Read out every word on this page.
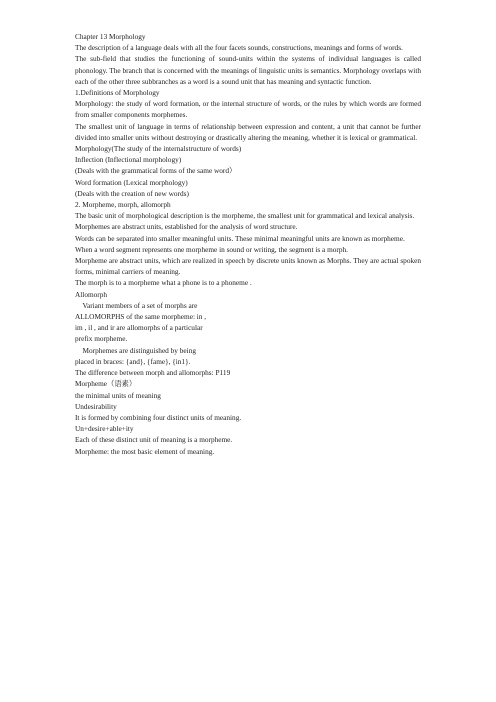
Chapter 13 Morphology

The description of a language deals with all the four facets sounds, constructions, meanings and forms of words.

The sub-field that studies the functioning of sound-units within the systems of individual languages is called phonology. The branch that is concerned with the meanings of linguistic units is semantics. Morphology overlaps with each of the other three subbranches as a word is a sound unit that has meaning and syntactic function.

1.Definitions of Morphology

Morphology: the study of word formation, or the internal structure of words, or the rules by which words are formed from smaller components morphemes.

The smallest unit of language in terms of relationship between expression and content, a unit that cannot be further divided into smaller units without destroying or drastically altering the meaning, whether it is lexical or grammatical.

Morphology(The study of the internalstructure of words)

Inflection (Inflectional morphology)

(Deals with the grammatical forms of the same word）

Word formation (Lexical morphology)

(Deals with the creation of new words)

2. Morpheme, morph, allomorph

The basic unit of morphological description is the morpheme, the smallest unit for grammatical and lexical analysis.

Morphemes are abstract units, established for the analysis of word structure.

Words can be separated into smaller meaningful units. These minimal meaningful units are known as morpheme.

When a word segment represents one morpheme in sound or writing, the segment is a morph.

Morpheme are abstract units, which are realized in speech by discrete units known as Morphs. They are actual spoken forms, minimal carriers of meaning.

The morph is to a morpheme what a phone is to a phoneme .

Allomorph

Variant members of a set of morphs are

ALLOMORPHS of the same morpheme: in ,

im , il , and ir are allomorphs of a particular

prefix morpheme.

Morphemes are distinguished by being

placed in braces: {and}, {fame}, {in1}.

The difference between morph and allomorphs: P119

Morpheme（语素）

the minimal units of meaning

Undesirability

It is formed by combining four distinct units of meaning.

Un+desire+able+ity

Each of these distinct unit of meaning is a morpheme.

Morpheme: the most basic element of meaning.
